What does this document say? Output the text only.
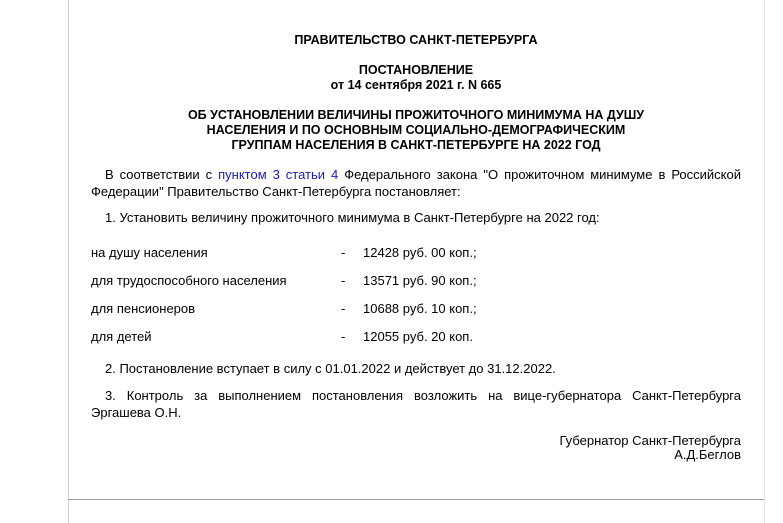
ПРАВИТЕЛЬСТВО САНКТ-ПЕТЕРБУРГА
ПОСТАНОВЛЕНИЕ
от 14 сентября 2021 г. N 665
ОБ УСТАНОВЛЕНИИ ВЕЛИЧИНЫ ПРОЖИТОЧНОГО МИНИМУМА НА ДУШУ
НАСЕЛЕНИЯ И ПО ОСНОВНЫМ СОЦИАЛЬНО-ДЕМОГРАФИЧЕСКИМ
ГРУППАМ НАСЕЛЕНИЯ В САНКТ-ПЕТЕРБУРГЕ НА 2022 ГОД

В соответствии с пунктом 3 статьи 4 Федерального закона "О прожиточном минимуме в Российской Федерации" Правительство Санкт-Петербурга постановляет:

1. Установить величину прожиточного минимума в Санкт-Петербурге на 2022 год:

на душу населения	-	12428 руб. 00 коп.;
для трудоспособного населения	-	13571 руб. 90 коп.;
для пенсионеров	-	10688 руб. 10 коп.;
для детей	-	12055 руб. 20 коп.

2. Постановление вступает в силу с 01.01.2022 и действует до 31.12.2022.

3. Контроль за выполнением постановления возложить на вице-губернатора Санкт-Петербурга Эргашева О.Н.

Губернатор Санкт-Петербурга
А.Д.Беглов
